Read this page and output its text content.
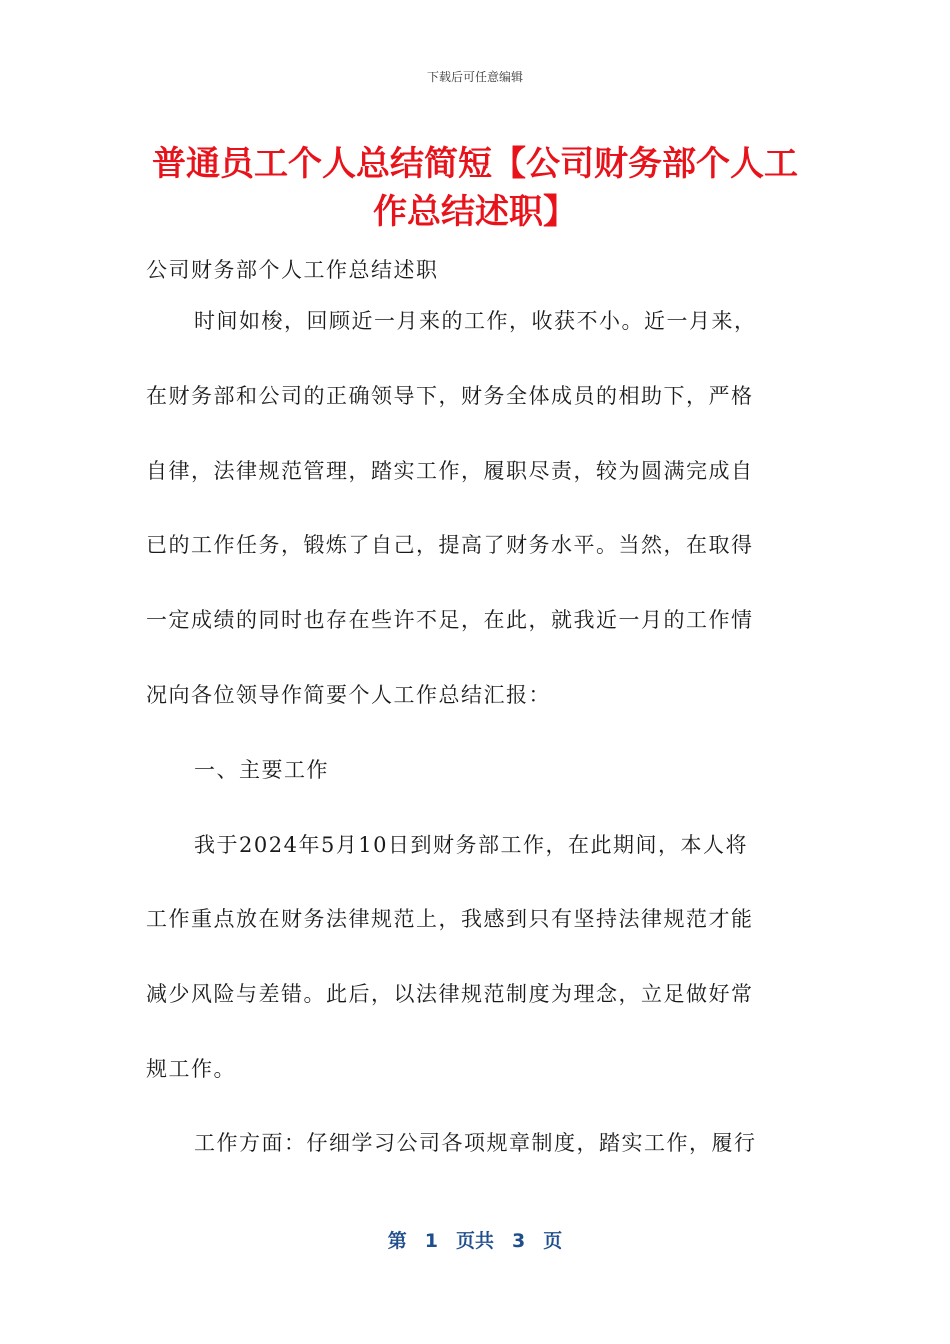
下载后可任意编辑
普通员工个人总结简短【公司财务部个人工作总结述职】

公司财务部个人工作总结述职

时间如梭，回顾近一月来的工作，收获不小。近一月来，
在财务部和公司的正确领导下，财务全体成员的相助下，严格
自律，法律规范管理，踏实工作，履职尽责，较为圆满完成自
已的工作任务，锻炼了自己，提高了财务水平。当然，在取得
一定成绩的同时也存在些许不足，在此，就我近一月的工作情
况向各位领导作简要个人工作总结汇报：
一、主要工作
我于2024年5月10日到财务部工作，在此期间，本人将
工作重点放在财务法律规范上，我感到只有坚持法律规范才能
减少风险与差错。此后，以法律规范制度为理念，立足做好常
规工作。
工作方面：仔细学习公司各项规章制度，踏实工作，履行
第 1 页共 3 页
